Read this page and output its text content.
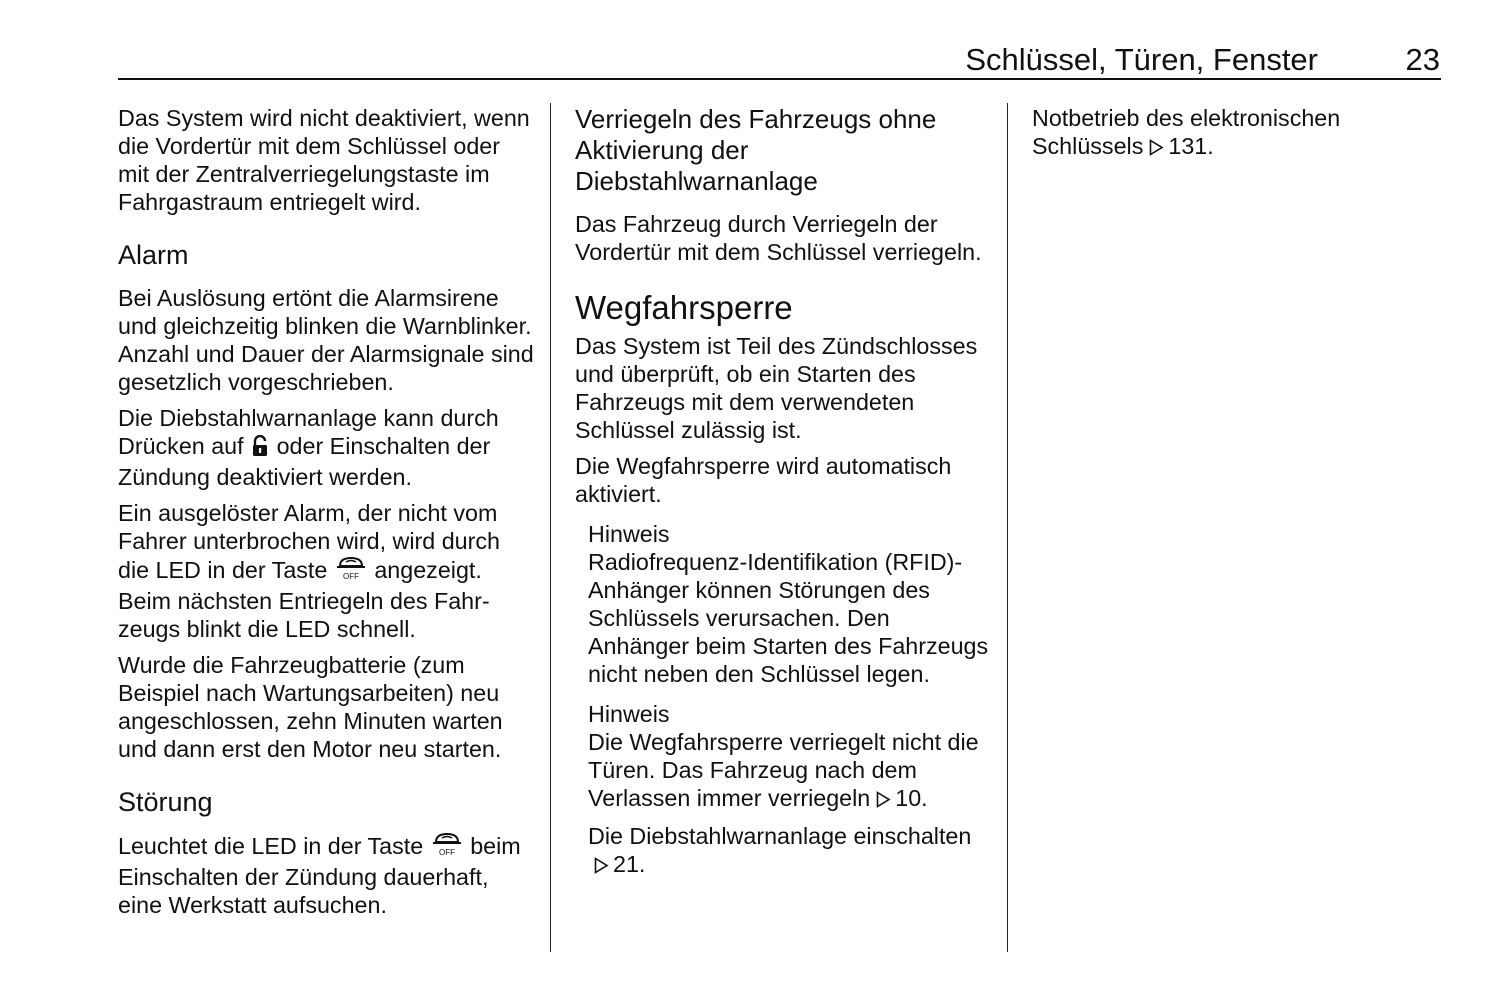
Schlüssel, Türen, Fenster	23

Das System wird nicht deaktiviert, wenn die Vordertür mit dem Schlüssel oder mit der Zentralverriegelungstaste im Fahrgastraum entriegelt wird.

Alarm

Bei Auslösung ertönt die Alarmsirene und gleichzeitig blinken die Warnblinker. Anzahl und Dauer der Alarmsignale sind gesetzlich vorgeschrieben.

Die Diebstahlwarnanlage kann durch Drücken auf oder Einschalten der Zündung deaktiviert werden.

Ein ausgelöster Alarm, der nicht vom Fahrer unterbrochen wird, wird durch die LED in der Taste OFF angezeigt. Beim nächsten Entriegeln des Fahrzeugs blinkt die LED schnell.

Wurde die Fahrzeugbatterie (zum Beispiel nach Wartungsarbeiten) neu angeschlossen, zehn Minuten warten und dann erst den Motor neu starten.

Störung

Leuchtet die LED in der Taste OFF beim Einschalten der Zündung dauerhaft, eine Werkstatt aufsuchen.

Verriegeln des Fahrzeugs ohne Aktivierung der Diebstahlwarnanlage

Das Fahrzeug durch Verriegeln der Vordertür mit dem Schlüssel verriegeln.

Wegfahrsperre

Das System ist Teil des Zündschlosses und überprüft, ob ein Starten des Fahrzeugs mit dem verwendeten Schlüssel zulässig ist.

Die Wegfahrsperre wird automatisch aktiviert.

Hinweis

Radiofrequenz-Identifikation (RFID)-Anhänger können Störungen des Schlüssels verursachen. Den Anhänger beim Starten des Fahrzeugs nicht neben den Schlüssel legen.

Hinweis

Die Wegfahrsperre verriegelt nicht die Türen. Das Fahrzeug nach dem Verlassen immer verriegeln 10.

Die Diebstahlwarnanlage einschalten21.

Notbetrieb des elektronischen Schlüssels 131.
